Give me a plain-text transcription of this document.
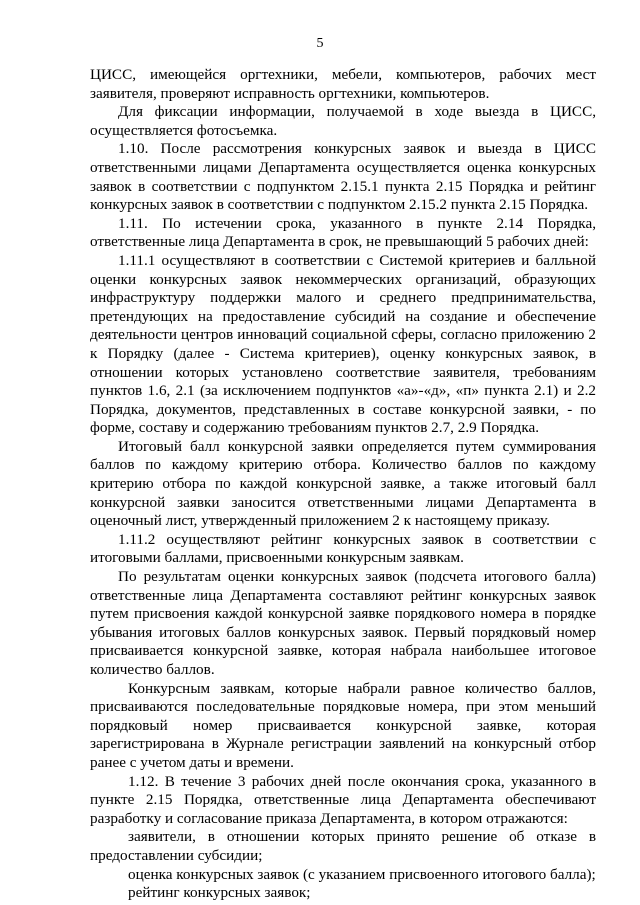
5

ЦИСС, имеющейся оргтехники, мебели, компьютеров, рабочих мест заявителя, проверяют исправность оргтехники, компьютеров.

Для фиксации информации, получаемой в ходе выезда в ЦИСС, осуществляется фотосъемка.

1.10. После рассмотрения конкурсных заявок и выезда в ЦИСС ответственными лицами Департамента осуществляется оценка конкурсных заявок в соответствии с подпунктом 2.15.1 пункта 2.15 Порядка и рейтинг конкурсных заявок в соответствии с подпунктом 2.15.2 пункта 2.15 Порядка.

1.11. По истечении срока, указанного в пункте 2.14 Порядка, ответственные лица Департамента в срок, не превышающий 5 рабочих дней:

1.11.1 осуществляют в соответствии с Системой критериев и балльной оценки конкурсных заявок некоммерческих организаций, образующих инфраструктуру поддержки малого и среднего предпринимательства, претендующих на предоставление субсидий на создание и обеспечение деятельности центров инноваций социальной сферы, согласно приложению 2 к Порядку (далее - Система критериев), оценку конкурсных заявок, в отношении которых установлено соответствие заявителя, требованиям пунктов 1.6, 2.1 (за исключением подпунктов «а»-«д», «п» пункта 2.1) и 2.2 Порядка, документов, представленных в составе конкурсной заявки, - по форме, составу и содержанию требованиям пунктов 2.7, 2.9 Порядка.

Итоговый балл конкурсной заявки определяется путем суммирования баллов по каждому критерию отбора. Количество баллов по каждому критерию отбора по каждой конкурсной заявке, а также итоговый балл конкурсной заявки заносится ответственными лицами Департамента в оценочный лист, утвержденный приложением 2 к настоящему приказу.

1.11.2 осуществляют рейтинг конкурсных заявок в соответствии с итоговыми баллами, присвоенными конкурсным заявкам.

По результатам оценки конкурсных заявок (подсчета итогового балла) ответственные лица Департамента составляют рейтинг конкурсных заявок путем присвоения каждой конкурсной заявке порядкового номера в порядке убывания итоговых баллов конкурсных заявок. Первый порядковый номер присваивается конкурсной заявке, которая набрала наибольшее итоговое количество баллов.

Конкурсным заявкам, которые набрали равное количество баллов, присваиваются последовательные порядковые номера, при этом меньший порядковый номер присваивается конкурсной заявке, которая зарегистрирована в Журнале регистрации заявлений на конкурсный отбор ранее с учетом даты и времени.

1.12. В течение 3 рабочих дней после окончания срока, указанного в пункте 2.15 Порядка, ответственные лица Департамента обеспечивают разработку и согласование приказа Департамента, в котором отражаются:

заявители, в отношении которых принято решение об отказе в предоставлении субсидии;

оценка конкурсных заявок (с указанием присвоенного итогового балла);

рейтинг конкурсных заявок;
